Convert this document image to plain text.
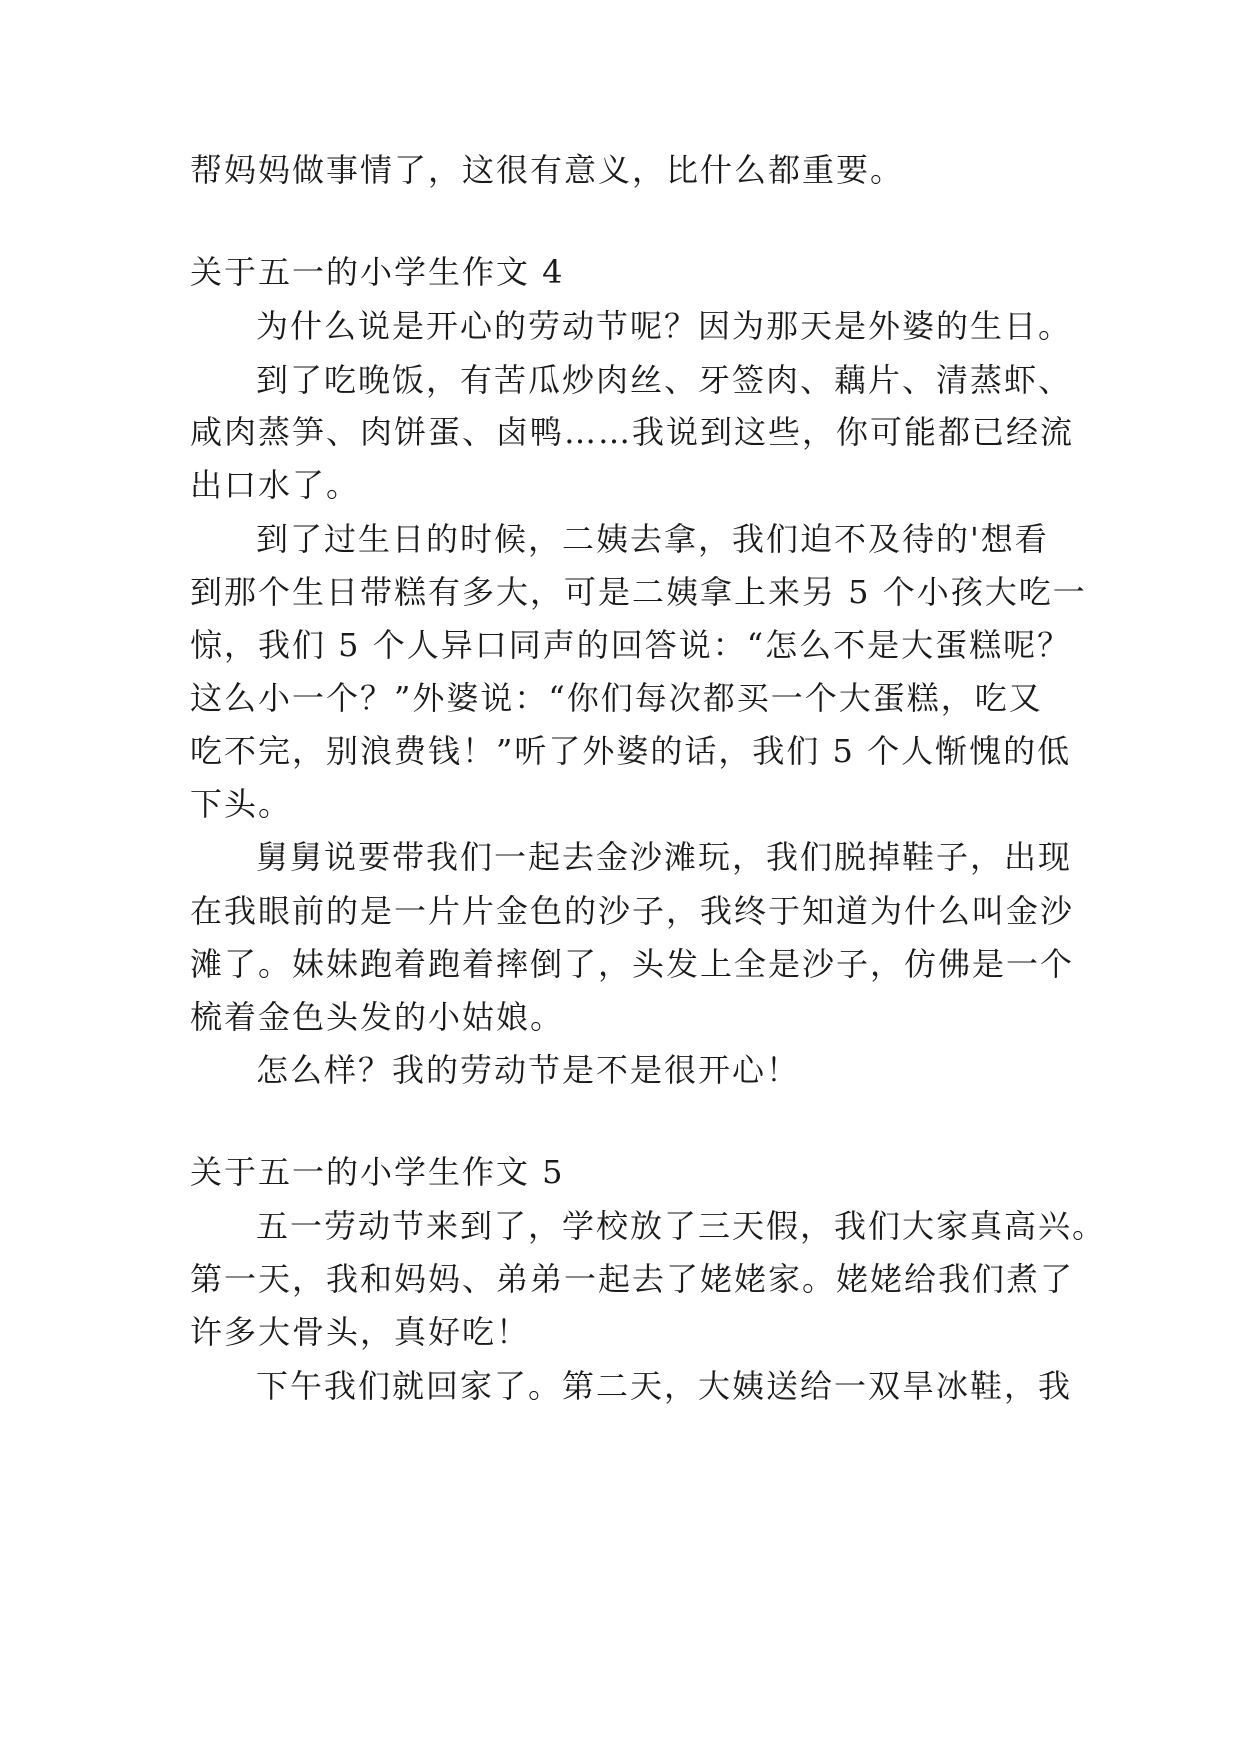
帮妈妈做事情了，这很有意义，比什么都重要。
关于五一的小学生作文 4
为什么说是开心的劳动节呢？因为那天是外婆的生日。
到了吃晚饭，有苦瓜炒肉丝、牙签肉、藕片、清蒸虾、
咸肉蒸笋、肉饼蛋、卤鸭……我说到这些，你可能都已经流
出口水了。
到了过生日的时候，二姨去拿，我们迫不及待的'想看
到那个生日带糕有多大，可是二姨拿上来另 5 个小孩大吃一
惊，我们 5 个人异口同声的回答说：“怎么不是大蛋糕呢？
这么小一个？”外婆说：“你们每次都买一个大蛋糕，吃又
吃不完，别浪费钱！”听了外婆的话，我们 5 个人惭愧的低
下头。
舅舅说要带我们一起去金沙滩玩，我们脱掉鞋子，出现
在我眼前的是一片片金色的沙子，我终于知道为什么叫金沙
滩了。妹妹跑着跑着摔倒了，头发上全是沙子，仿佛是一个
梳着金色头发的小姑娘。
怎么样？我的劳动节是不是很开心！
关于五一的小学生作文 5
五一劳动节来到了，学校放了三天假，我们大家真高兴。
第一天，我和妈妈、弟弟一起去了姥姥家。姥姥给我们煮了
许多大骨头，真好吃！
下午我们就回家了。第二天，大姨送给一双旱冰鞋，我
